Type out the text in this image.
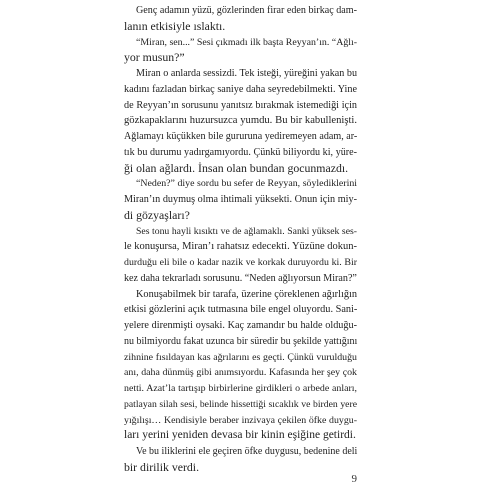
Genç adamın yüzü, gözlerinden firar eden birkaç dam-
lanın etkisiyle ıslaktı.
“Miran, sen...” Sesi çıkmadı ilk başta Reyyan’ın. “Ağlı-
yor musun?”
Miran o anlarda sessizdi. Tek isteği, yüreğini yakan bu
kadını fazladan birkaç saniye daha seyredebilmekti. Yine
de Reyyan’ın sorusunu yanıtsız bırakmak istemediği için
gözkapaklarını huzursuzca yumdu. Bu bir kabullenişti.
Ağlamayı küçükken bile gururuna yediremeyen adam, ar-
tık bu durumu yadırgamıyordu. Çünkü biliyordu ki, yüre-
ği olan ağlardı. İnsan olan bundan gocunmazdı.
“Neden?” diye sordu bu sefer de Reyyan, söylediklerini
Miran’ın duymuş olma ihtimali yüksekti. Onun için miy-
di gözyaşları?
Ses tonu hayli kısıktı ve de ağlamaklı. Sanki yüksek ses-
le konuşursa, Miran’ı rahatsız edecekti. Yüzüne dokun-
durduğu eli bile o kadar nazik ve korkak duruyordu ki. Bir
kez daha tekrarladı sorusunu. “Neden ağlıyorsun Miran?”
Konuşabilmek bir tarafa, üzerine çöreklenen ağırlığın
etkisi gözlerini açık tutmasına bile engel oluyordu. Sani-
yelere direnmişti oysaki. Kaç zamandır bu halde olduğu-
nu bilmiyordu fakat uzunca bir süredir bu şekilde yattığını
zihnine fısıldayan kas ağrılarını es geçti. Çünkü vurulduğu
anı, daha dünmüş gibi anımsıyordu. Kafasında her şey çok
netti. Azat’la tartışıp birbirlerine girdikleri o arbede anları,
patlayan silah sesi, belinde hissettiği sıcaklık ve birden yere
yığılışı… Kendisiyle beraber inzivaya çekilen öfke duygu-
ları yerini yeniden devasa bir kinin eşiğine getirdi.
Ve bu iliklerini ele geçiren öfke duygusu, bedenine deli
bir dirilik verdi.
9
